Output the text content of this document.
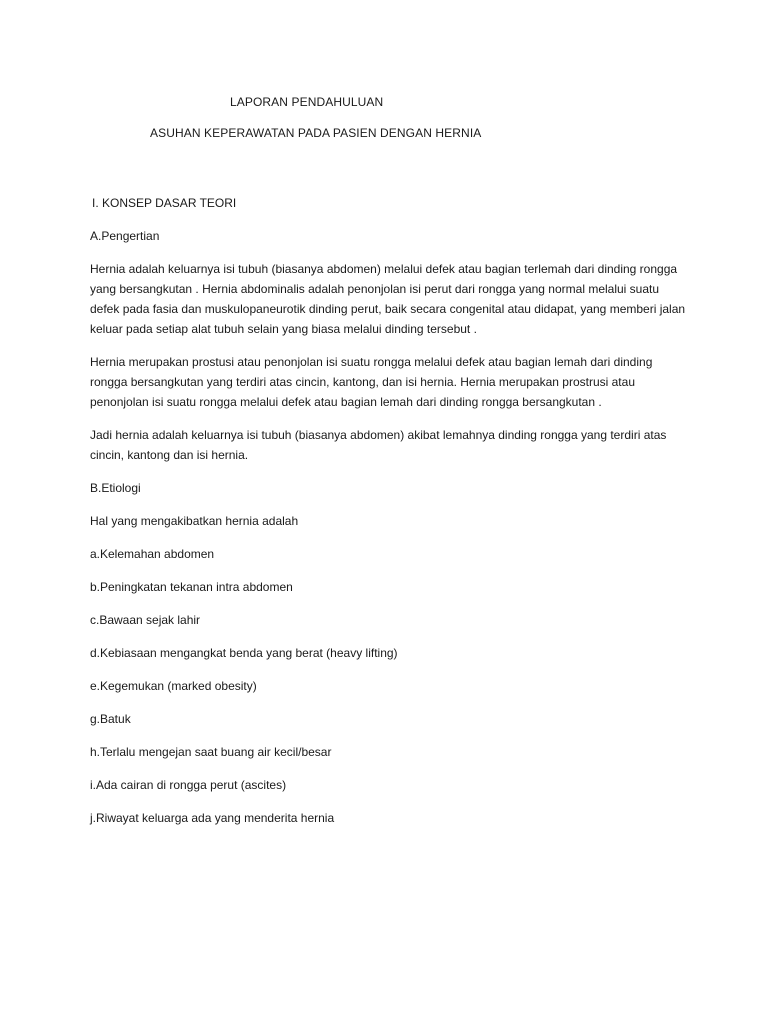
LAPORAN PENDAHULUAN
ASUHAN KEPERAWATAN PADA PASIEN DENGAN HERNIA

I. KONSEP DASAR TEORI

A.Pengertian

Hernia adalah keluarnya isi tubuh (biasanya abdomen) melalui defek atau bagian terlemah dari dinding rongga yang bersangkutan . Hernia abdominalis adalah penonjolan isi perut dari rongga yang normal melalui suatu defek pada fasia dan muskulopaneurotik dinding perut, baik secara congenital atau didapat, yang memberi jalan keluar pada setiap alat tubuh selain yang biasa melalui dinding tersebut .

Hernia merupakan prostusi atau penonjolan isi suatu rongga melalui defek atau bagian lemah dari dinding rongga bersangkutan yang terdiri atas cincin, kantong, dan isi hernia. Hernia merupakan prostrusi atau penonjolan isi suatu rongga melalui defek atau bagian lemah dari dinding rongga bersangkutan .

Jadi hernia adalah keluarnya isi tubuh (biasanya abdomen) akibat lemahnya dinding rongga yang terdiri atas cincin, kantong dan isi hernia.

B.Etiologi

Hal yang mengakibatkan hernia adalah

a.Kelemahan abdomen

b.Peningkatan tekanan intra abdomen

c.Bawaan sejak lahir

d.Kebiasaan mengangkat benda yang berat (heavy lifting)

e.Kegemukan (marked obesity)

g.Batuk

h.Terlalu mengejan saat buang air kecil/besar

i.Ada cairan di rongga perut (ascites)

j.Riwayat keluarga ada yang menderita hernia
